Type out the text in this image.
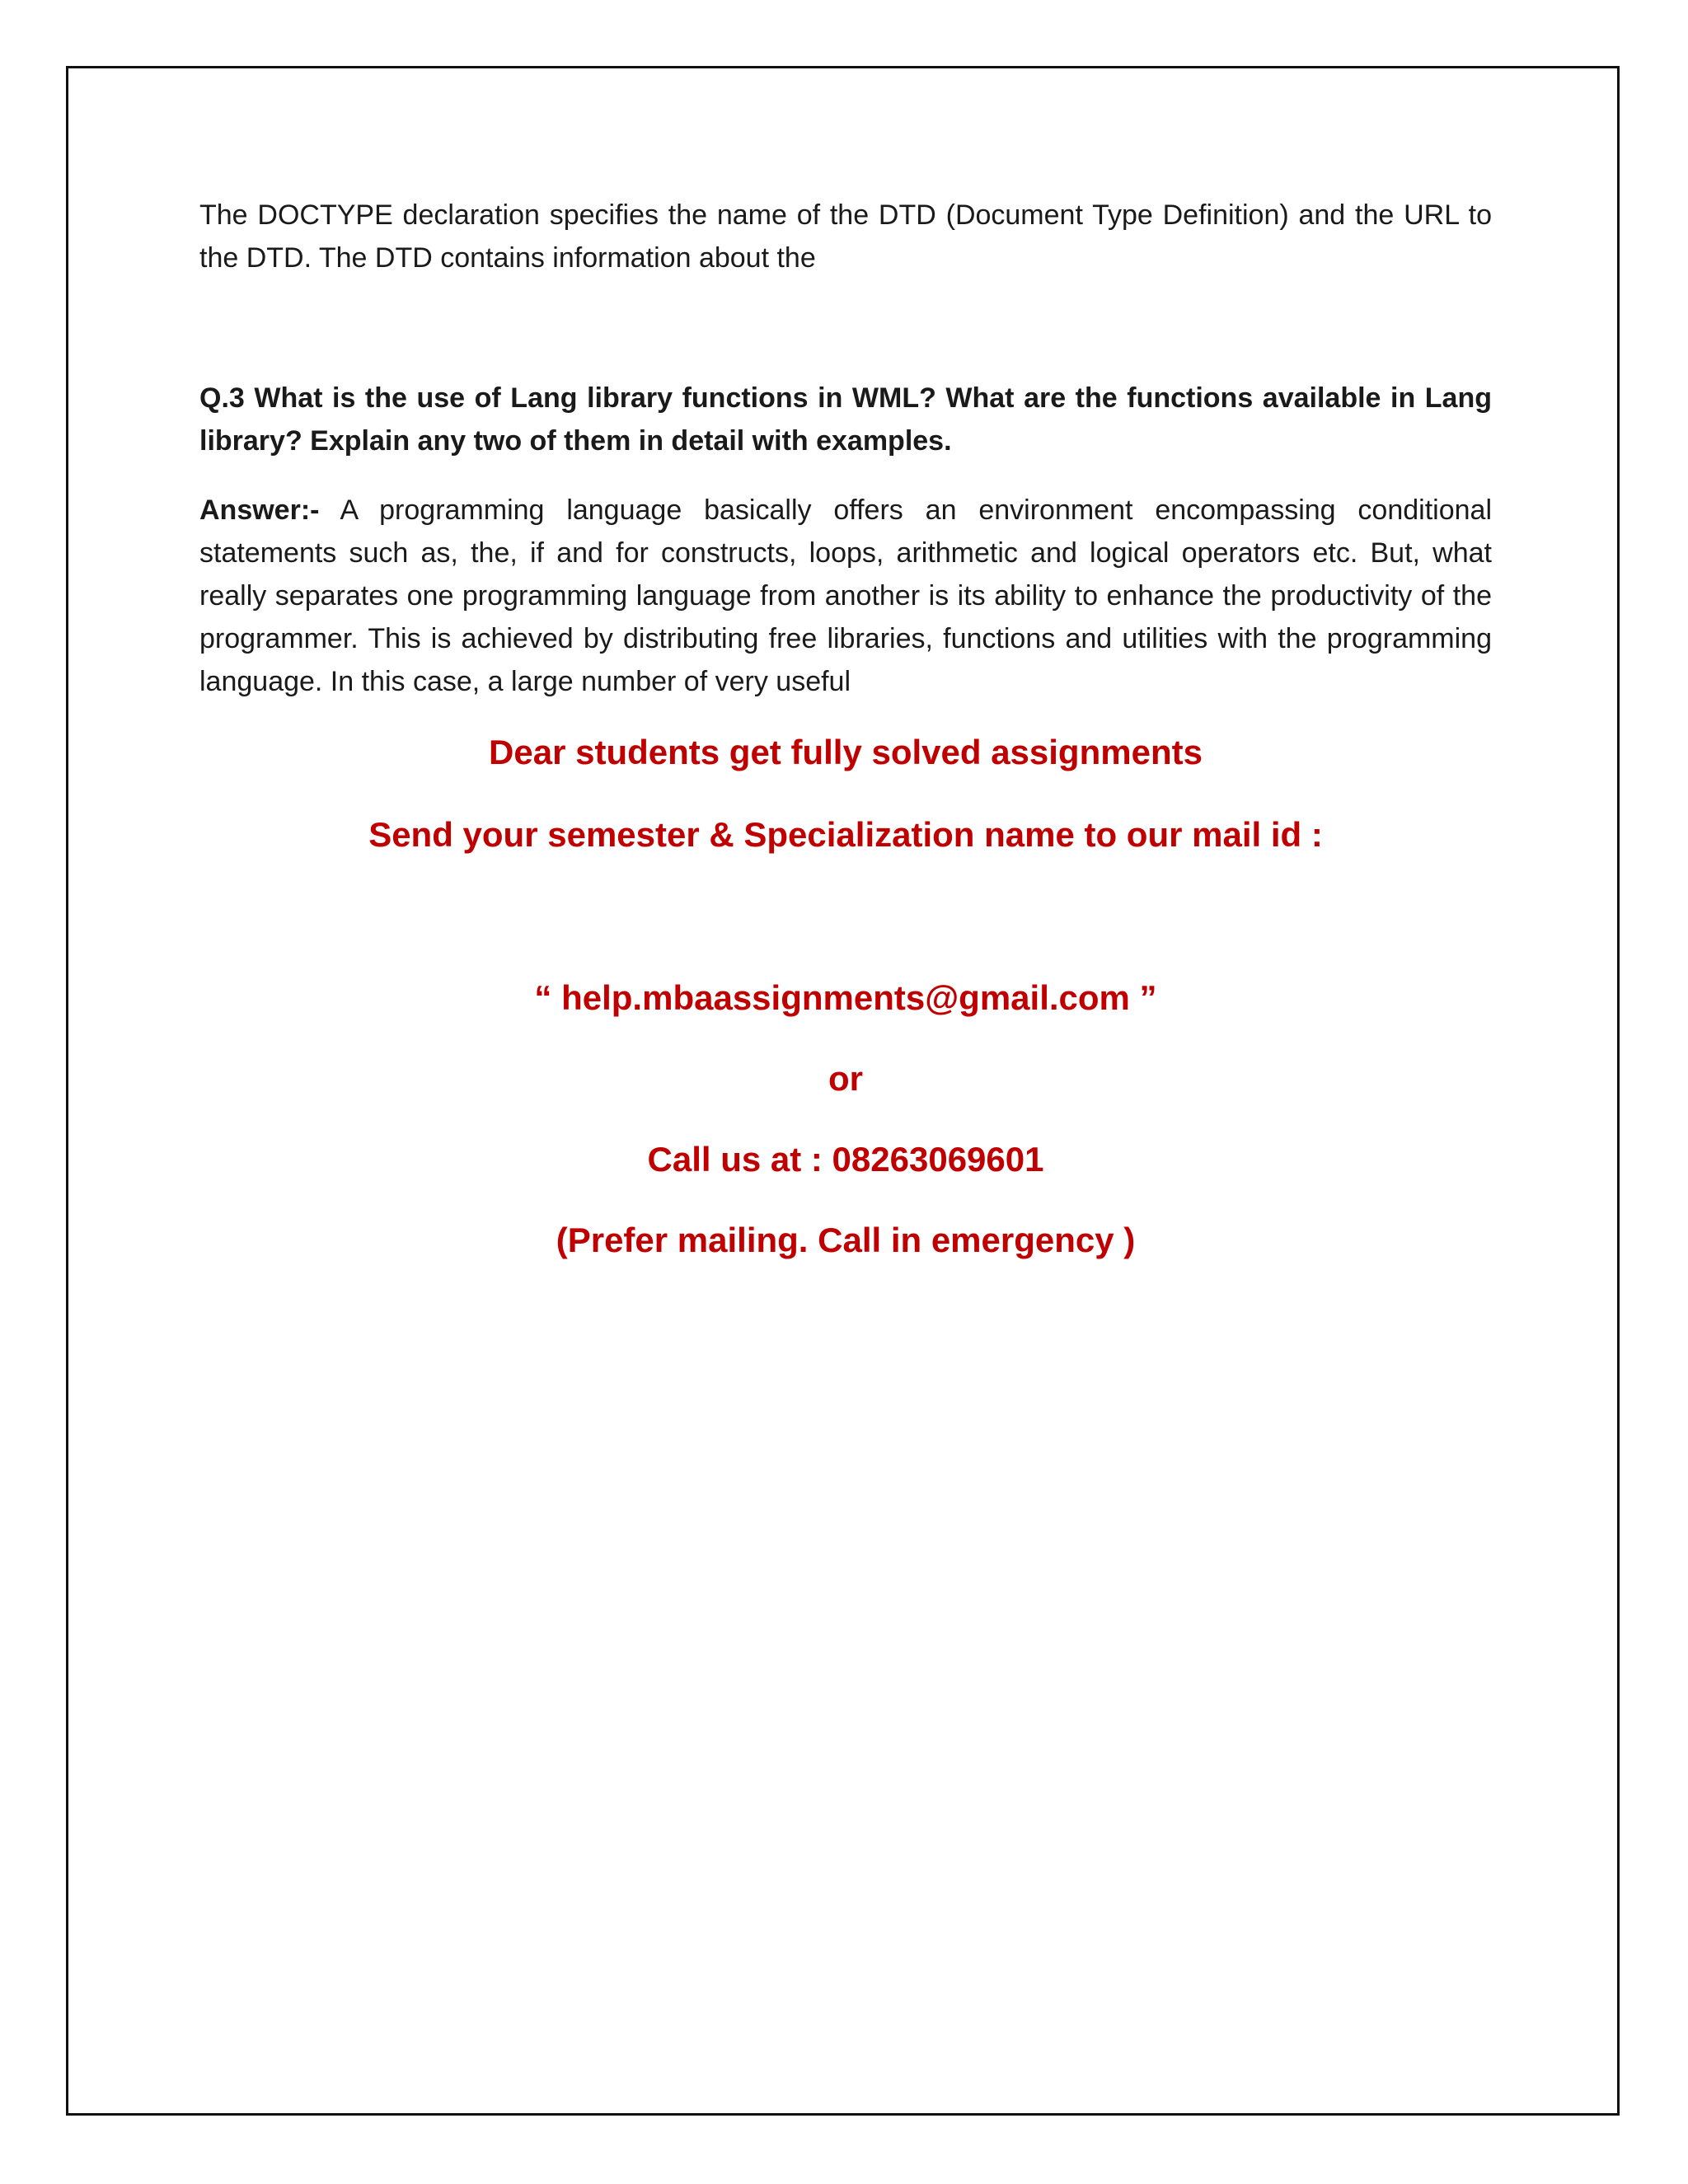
The DOCTYPE declaration specifies the name of the DTD (Document Type Definition) and the URL to the DTD. The DTD contains information about the

Q.3 What is the use of Lang library functions in WML? What are the functions available in Lang library? Explain any two of them in detail with examples.

Answer:- A programming language basically offers an environment encompassing conditional statements such as, the, if and for constructs, loops, arithmetic and logical operators etc. But, what really separates one programming language from another is its ability to enhance the productivity of the programmer. This is achieved by distributing free libraries, functions and utilities with the programming language. In this case, a large number of very useful

Dear students get fully solved assignments

Send your semester & Specialization name to our mail id :

“ help.mbaassignments@gmail.com ”

or

Call us at : 08263069601

(Prefer mailing. Call in emergency )
